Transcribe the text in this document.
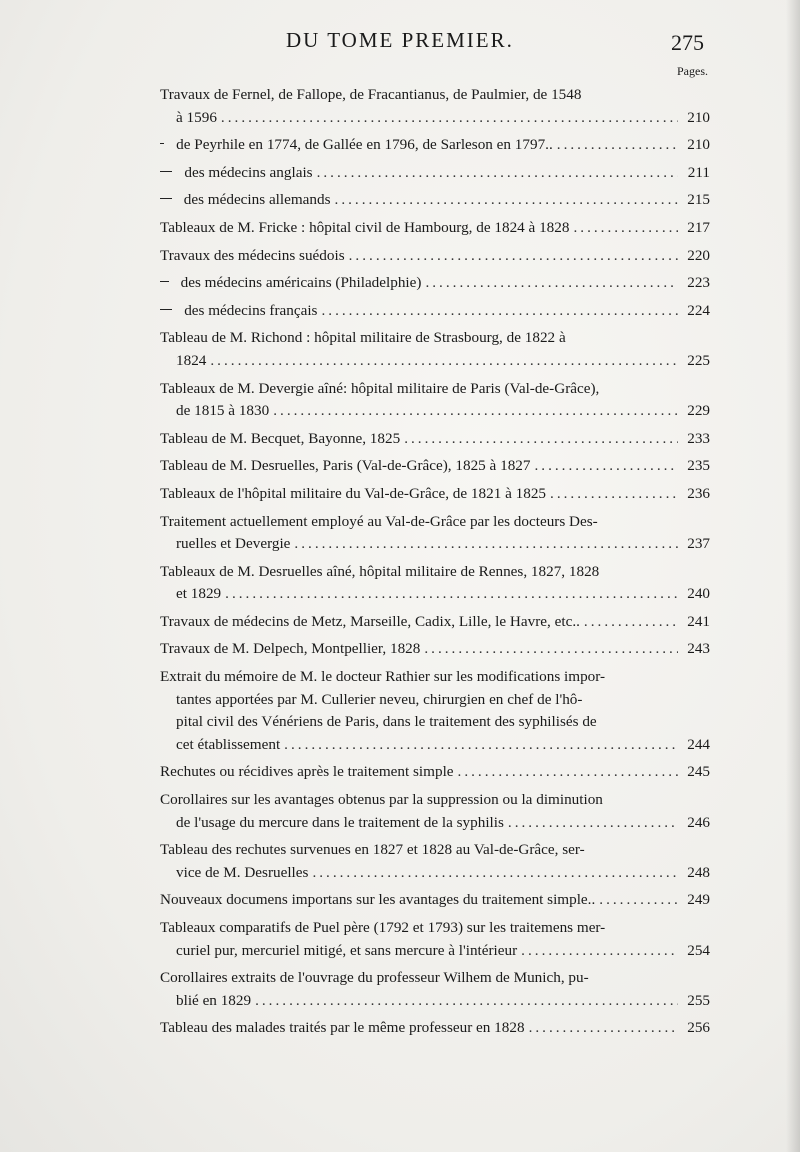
DU TOME PREMIER.	275
Pages.
Travaux de Fernel, de Fallope, de Fracantianus, de Paulmier, de 1548
à 1596 .....	210
de Peyrhile en 1774, de Gallée en 1796, de Sarleson en 1797.. .....	210
des médecins anglais .....	211
des médecins allemands .....	215
Tableaux de M. Fricke : hôpital civil de Hambourg, de 1824 à 1828 .....	217
Travaux des médecins suédois .....	220
des médecins américains (Philadelphie) .....	223
des médecins français .....	224
Tableau de M. Richond : hôpital militaire de Strasbourg, de 1822 à
1824 .....	225
Tableaux de M. Devergie aîné: hôpital militaire de Paris (Val-de-Grâce),
de 1815 à 1830 .....	229
Tableau de M. Becquet, Bayonne, 1825 .....	233
Tableau de M. Desruelles, Paris (Val-de-Grâce), 1825 à 1827 .....	235
Tableaux de l'hôpital militaire du Val-de-Grâce, de 1821 à 1825 .....	236
Traitement actuellement employé au Val-de-Grâce par les docteurs Des-
ruelles et Devergie .....	237
Tableaux de M. Desruelles aîné, hôpital militaire de Rennes, 1827, 1828
et 1829 .....	240
Travaux de médecins de Metz, Marseille, Cadix, Lille, le Havre, etc.. .....	241
Travaux de M. Delpech, Montpellier, 1828 .....	243
Extrait du mémoire de M. le docteur Rathier sur les modifications impor-
tantes apportées par M. Cullerier neveu, chirurgien en chef de l'hô-
pital civil des Vénériens de Paris, dans le traitement des syphilisés de
cet établissement .....	244
Rechutes ou récidives après le traitement simple .....	245
Corollaires sur les avantages obtenus par la suppression ou la diminution
de l'usage du mercure dans le traitement de la syphilis .....	246
Tableau des rechutes survenues en 1827 et 1828 au Val-de-Grâce, ser-
vice de M. Desruelles .....	248
Nouveaux documens importans sur les avantages du traitement simple.. .....	249
Tableaux comparatifs de Puel père (1792 et 1793) sur les traitemens mer-
curiel pur, mercuriel mitigé, et sans mercure à l'intérieur .....	254
Corollaires extraits de l'ouvrage du professeur Wilhem de Munich, pu-
blié en 1829 .....	255
Tableau des malades traités par le même professeur en 1828 .....	256
